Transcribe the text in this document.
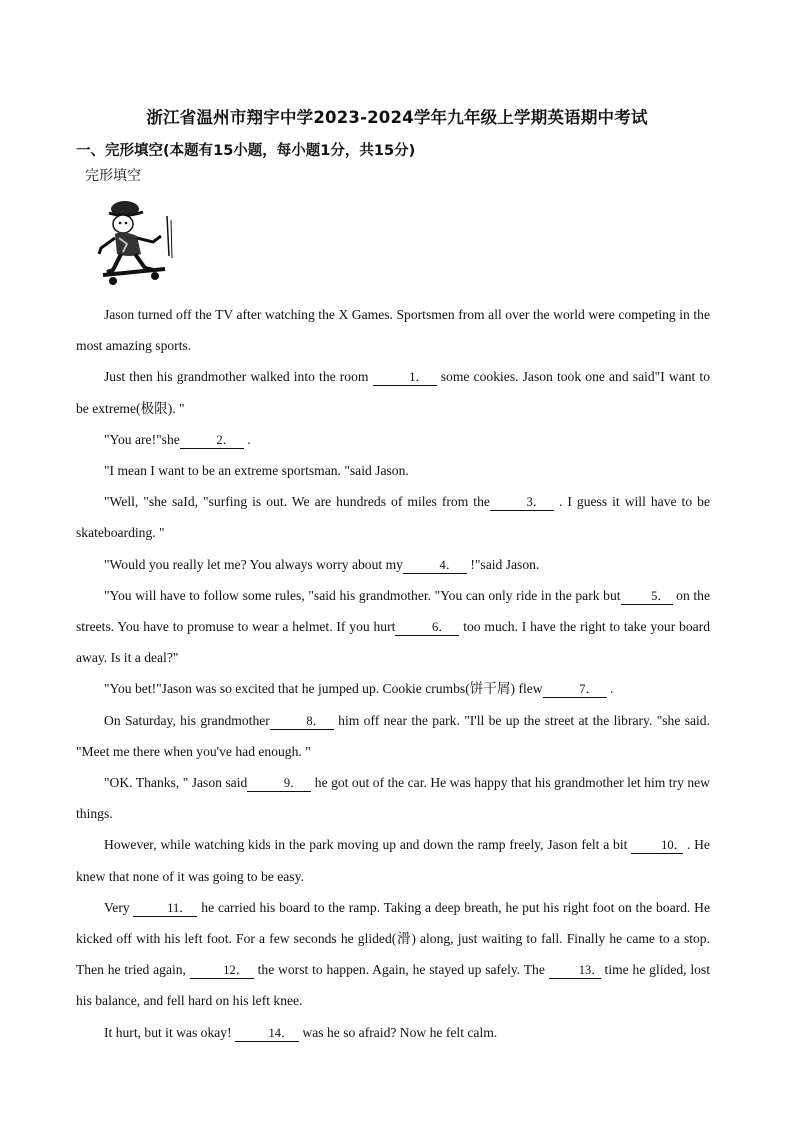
浙江省温州市翔宇中学2023-2024学年九年级上学期英语期中考试
一、完形填空(本题有15小题，每小题1分，共15分)
完形填空

Jason turned off the TV after watching the X Games. Sportsmen from all over the world were competing in the most amazing sports.

Just then his grandmother walked into the room	1． some cookies. Jason took one and said"I want to be extreme(极限). "

"You are!"she	2． .

"I mean I want to be an extreme sportsman. "said Jason.

"Well, "she saId, "surfing is out. We are hundreds of miles from the	3． . I guess it will have to be skateboarding. "

"Would you really let me? You always worry about my	4． !"said Jason.

"You will have to follow some rules, "said his grandmother. "You can only ride in the park but 5． on the streets. You have to promuse to wear a helmet. If you hurt	6． too much. I have the right to take your board away. Is it a deal?"

"You bet!"Jason was so excited that he jumped up. Cookie crumbs(饼干屑) flew	7． .

On Saturday, his grandmother	8． him off near the park. "I'll be up the street at the library. "she said. "Meet me there when you've had enough. "

"OK. Thanks, " Jason said	9． he got out of the car. He was happy that his grandmother let him try new things.

However, while watching kids in the park moving up and down the ramp freely, Jason felt a bit	10． . He knew that none of it was going to be easy.

Very	11． he carried his board to the ramp. Taking a deep breath, he put his right foot on the board. He kicked off with his left foot. For a few seconds he glided(滑) along, just waiting to fall. Finally he came to a stop. Then he tried again,	12． the worst to happen. Again, he stayed up safely. The	13． time he glided, lost his balance, and fell hard on his left knee.

It hurt, but it was okay!	14． was he so afraid? Now he felt calm.
